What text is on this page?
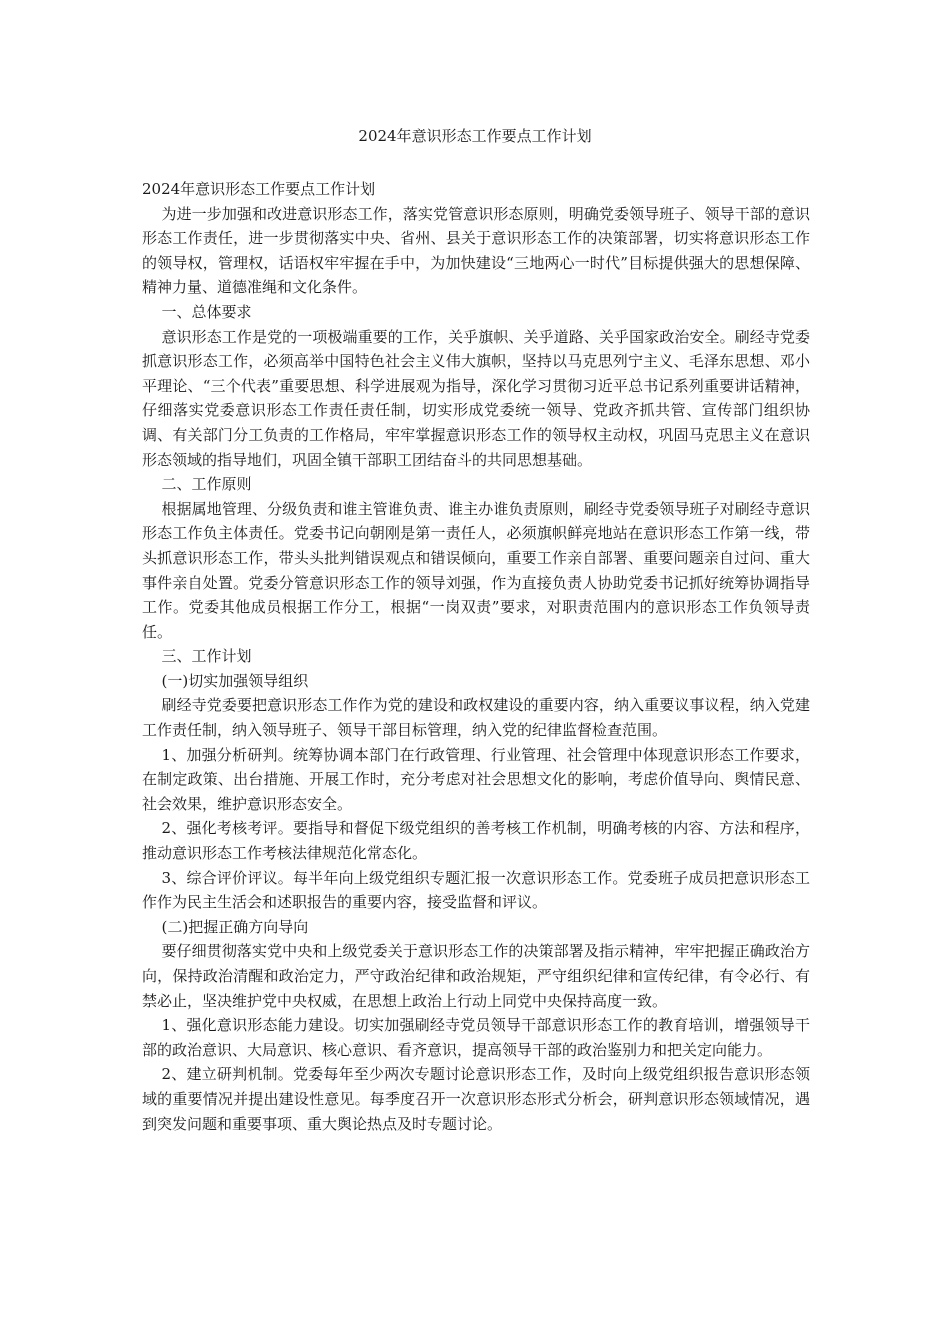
2024年意识形态工作要点工作计划

2024年意识形态工作要点工作计划

为进一步加强和改进意识形态工作，落实党管意识形态原则，明确党委领导班子、领导干部的意识形态工作责任，进一步贯彻落实中央、省州、县关于意识形态工作的决策部署，切实将意识形态工作的领导权，管理权，话语权牢牢握在手中，为加快建设“三地两心一时代”目标提供强大的思想保障、精神力量、道德准绳和文化条件。

一、总体要求

意识形态工作是党的一项极端重要的工作，关乎旗帜、关乎道路、关乎国家政治安全。刷经寺党委抓意识形态工作，必须高举中国特色社会主义伟大旗帜，坚持以马克思列宁主义、毛泽东思想、邓小平理论、“三个代表”重要思想、科学进展观为指导，深化学习贯彻习近平总书记系列重要讲话精神，仔细落实党委意识形态工作责任责任制，切实形成党委统一领导、党政齐抓共管、宣传部门组织协调、有关部门分工负责的工作格局，牢牢掌握意识形态工作的领导权主动权，巩固马克思主义在意识形态领域的指导地们，巩固全镇干部职工团结奋斗的共同思想基础。

二、工作原则

根据属地管理、分级负责和谁主管谁负责、谁主办谁负责原则，刷经寺党委领导班子对刷经寺意识形态工作负主体责任。党委书记向朝刚是第一责任人，必须旗帜鲜亮地站在意识形态工作第一线，带头抓意识形态工作，带头头批判错误观点和错误倾向，重要工作亲自部署、重要问题亲自过问、重大事件亲自处置。党委分管意识形态工作的领导刘强，作为直接负责人协助党委书记抓好统筹协调指导工作。党委其他成员根据工作分工，根据“一岗双责”要求，对职责范围内的意识形态工作负领导责任。

三、工作计划

(一)切实加强领导组织

刷经寺党委要把意识形态工作作为党的建设和政权建设的重要内容，纳入重要议事议程，纳入党建工作责任制，纳入领导班子、领导干部目标管理，纳入党的纪律监督检查范围。

1、加强分析研判。统筹协调本部门在行政管理、行业管理、社会管理中体现意识形态工作要求，在制定政策、出台措施、开展工作时，充分考虑对社会思想文化的影响，考虑价值导向、舆情民意、社会效果，维护意识形态安全。

2、强化考核考评。要指导和督促下级党组织的善考核工作机制，明确考核的内容、方法和程序，推动意识形态工作考核法律规范化常态化。

3、综合评价评议。每半年向上级党组织专题汇报一次意识形态工作。党委班子成员把意识形态工作作为民主生活会和述职报告的重要内容，接受监督和评议。

(二)把握正确方向导向

要仔细贯彻落实党中央和上级党委关于意识形态工作的决策部署及指示精神，牢牢把握正确政治方向，保持政治清醒和政治定力，严守政治纪律和政治规矩，严守组织纪律和宣传纪律，有令必行、有禁必止，坚决维护党中央权威，在思想上政治上行动上同党中央保持高度一致。

1、强化意识形态能力建设。切实加强刷经寺党员领导干部意识形态工作的教育培训，增强领导干部的政治意识、大局意识、核心意识、看齐意识，提高领导干部的政治鉴别力和把关定向能力。

2、建立研判机制。党委每年至少两次专题讨论意识形态工作，及时向上级党组织报告意识形态领域的重要情况并提出建设性意见。每季度召开一次意识形态形式分析会，研判意识形态领域情况，遇到突发问题和重要事项、重大舆论热点及时专题讨论。
